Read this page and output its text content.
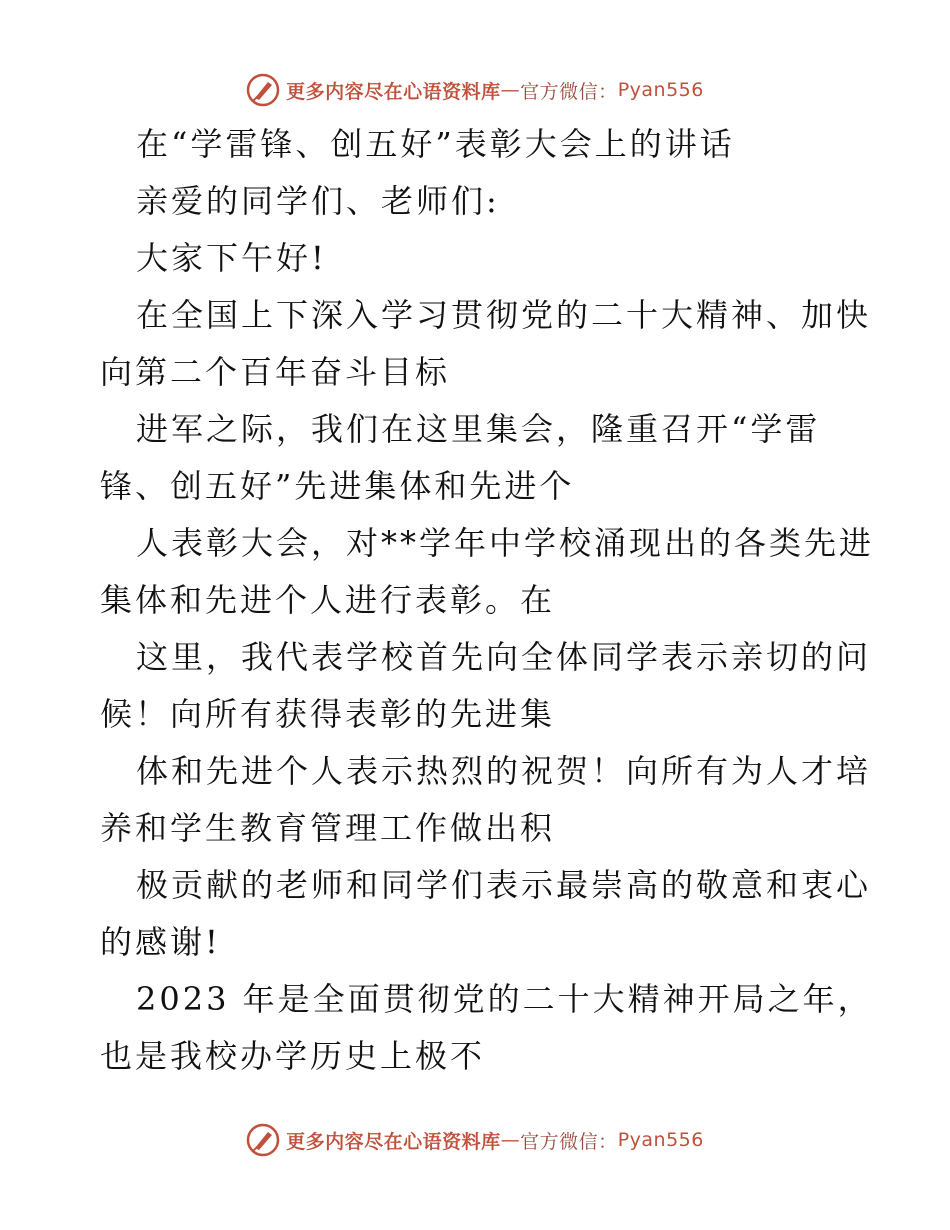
更多内容尽在心语资料库 — 官方微信： Pyan556
在“学雷锋、创五好”表彰大会上的讲话
亲爱的同学们、老师们:
大家下午好!
在全国上下深入学习贯彻党的二十大精神、加快
向第二个百年奋斗目标
进军之际，我们在这里集会，隆重召开“学雷
锋、创五好”先进集体和先进个
人表彰大会，对**学年中学校涌现出的各类先进
集体和先进个人进行表彰。在
这里，我代表学校首先向全体同学表示亲切的问
候！向所有获得表彰的先进集
体和先进个人表示热烈的祝贺！向所有为人才培
养和学生教育管理工作做出积
极贡献的老师和同学们表示最崇高的敬意和衷心
的感谢!
2023 年是全面贯彻党的二十大精神开局之年，
也是我校办学历史上极不
更多内容尽在心语资料库 — 官方微信： Pyan556
